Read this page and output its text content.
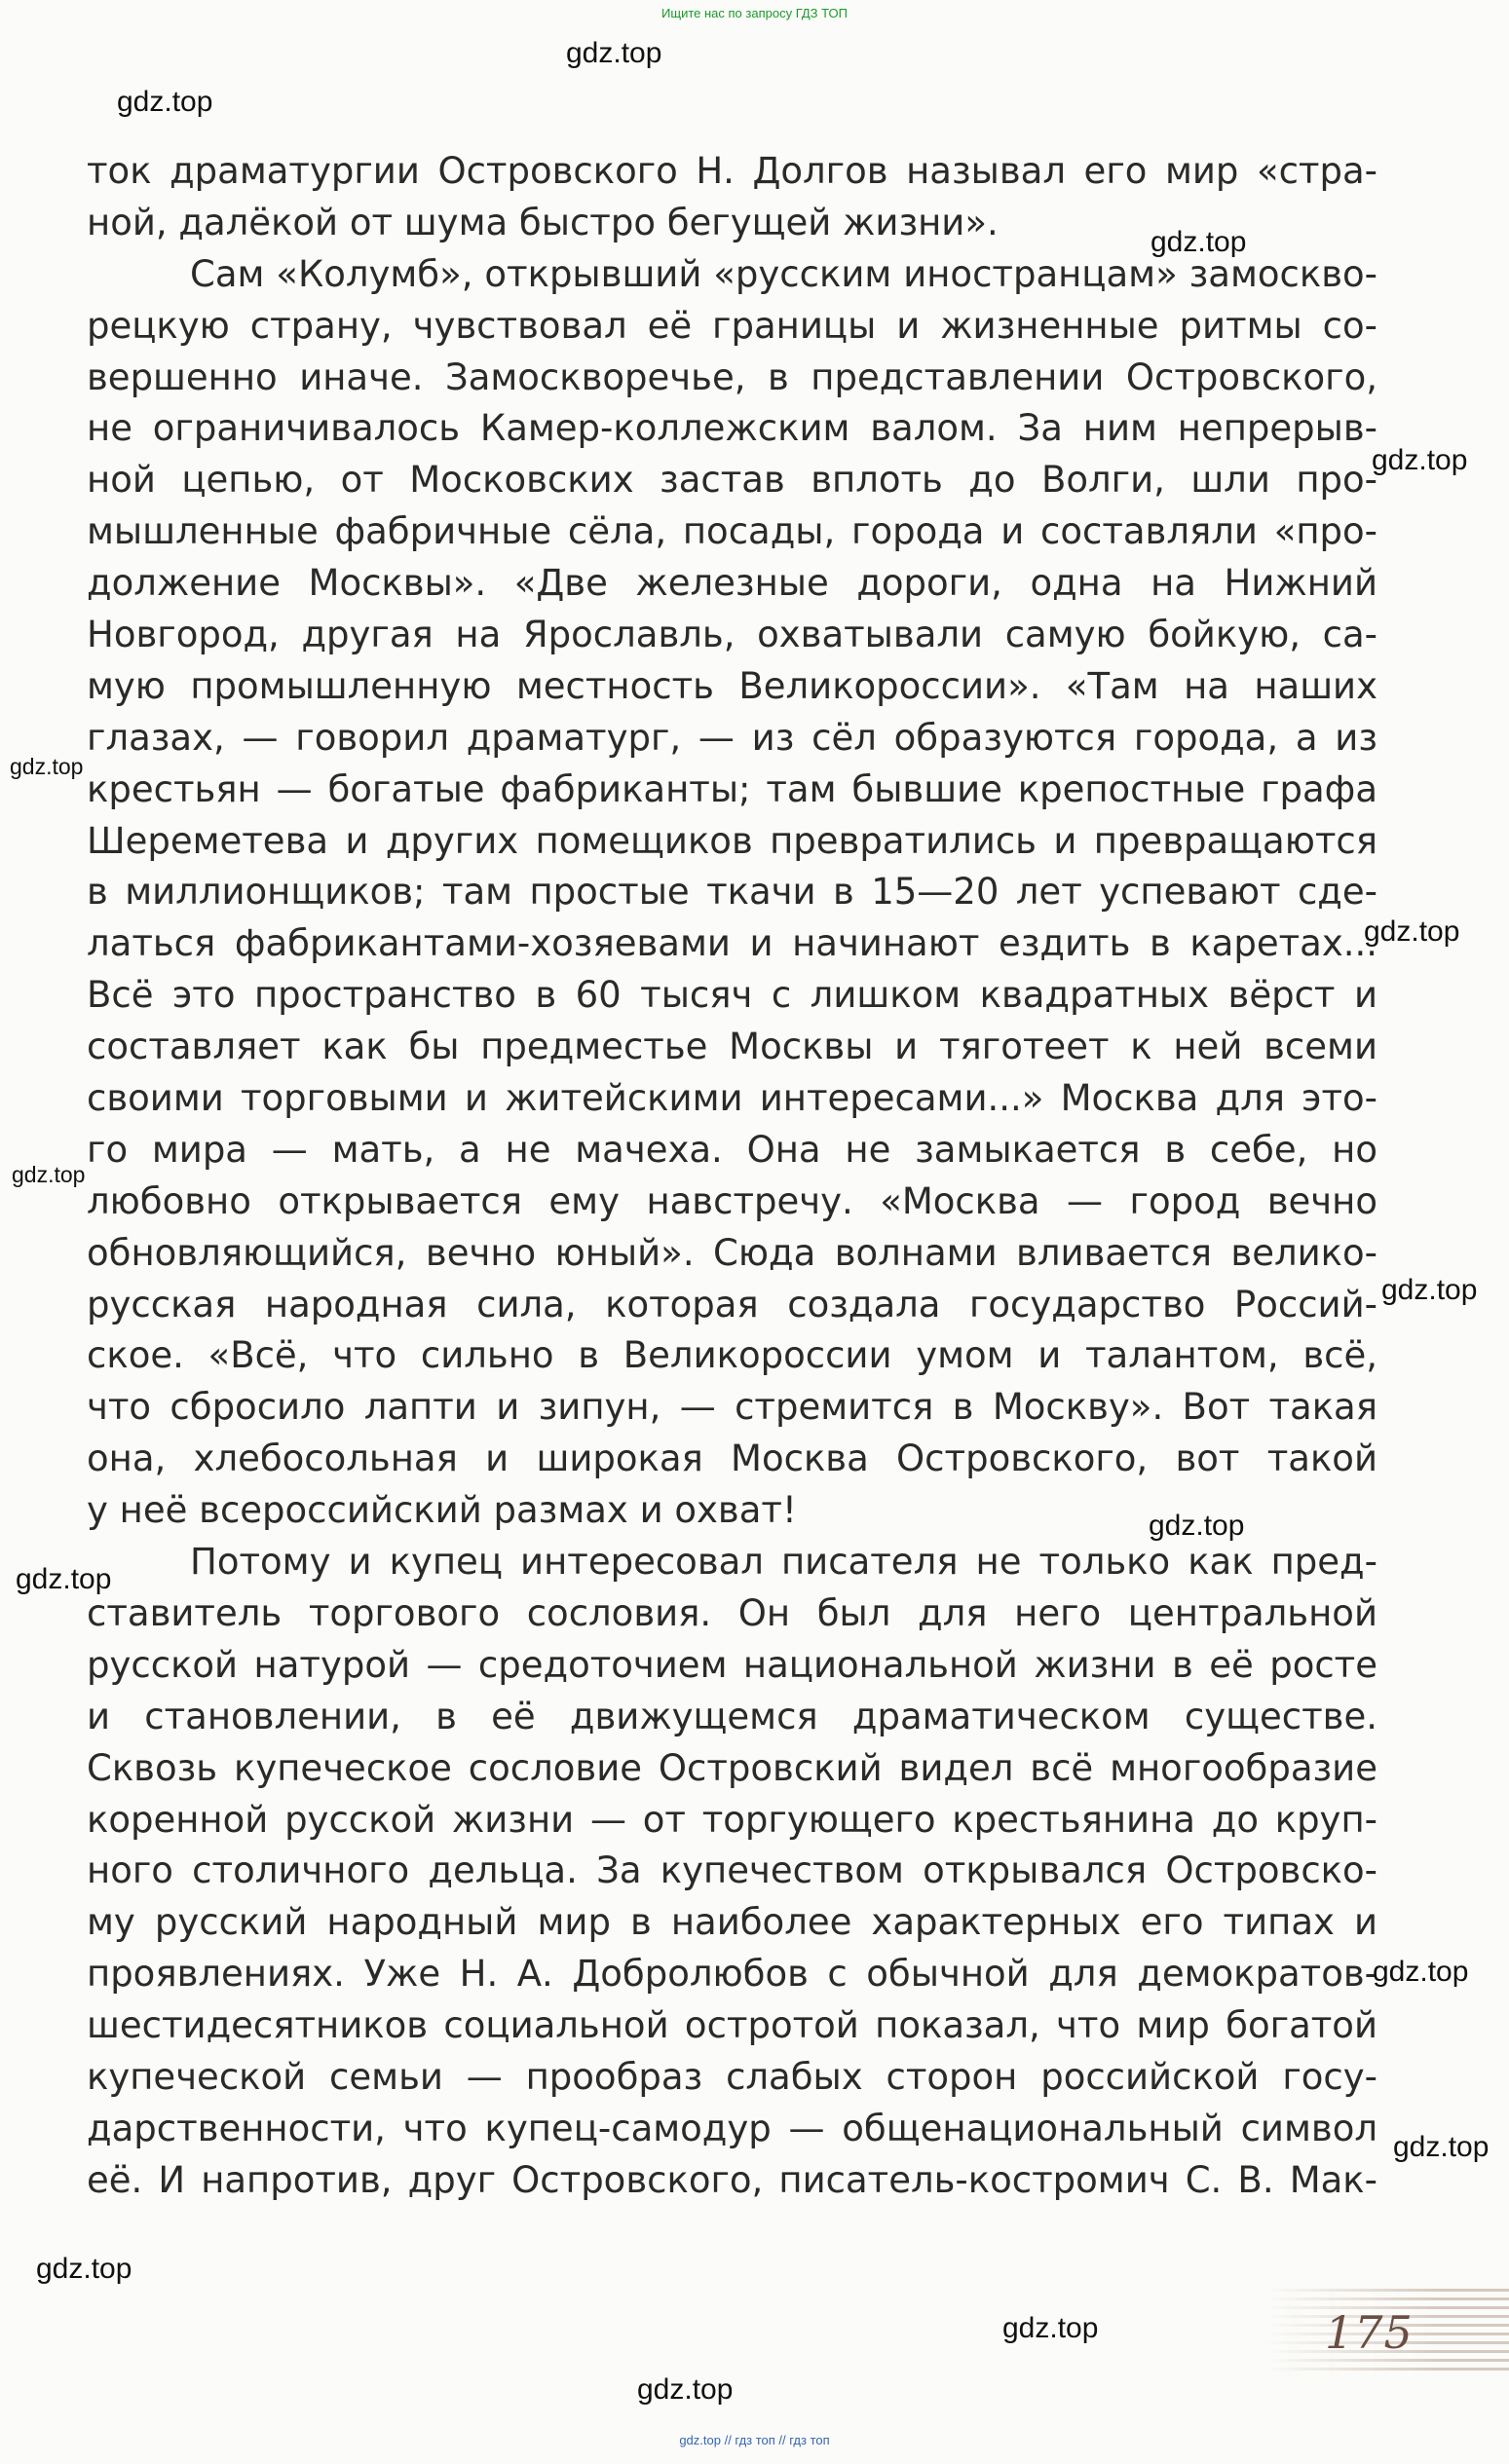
Ищите нас по запросу ГДЗ ТОП
ток драматургии Островского Н. Долгов называл его мир «стра-
ной, далёкой от шума быстро бегущей жизни».
Сам «Колумб», открывший «русским иностранцам» замоскво-
рецкую страну, чувствовал её границы и жизненные ритмы со-
вершенно иначе. Замоскворечье, в представлении Островского,
не ограничивалось Камер-коллежским валом. За ним непрерыв-
ной цепью, от Московских застав вплоть до Волги, шли про-
мышленные фабричные сёла, посады, города и составляли «про-
должение Москвы». «Две железные дороги, одна на Нижний
Новгород, другая на Ярославль, охватывали самую бойкую, са-
мую промышленную местность Великороссии». «Там на наших
глазах, — говорил драматург, — из сёл образуются города, а из
крестьян — богатые фабриканты; там бывшие крепостные графа
Шереметева и других помещиков превратились и превращаются
в миллионщиков; там простые ткачи в 15—20 лет успевают сде-
латься фабрикантами-хозяевами и начинают ездить в каретах...
Всё это пространство в 60 тысяч с лишком квадратных вёрст и
составляет как бы предместье Москвы и тяготеет к ней всеми
своими торговыми и житейскими интересами...» Москва для это-
го мира — мать, а не мачеха. Она не замыкается в себе, но
любовно открывается ему навстречу. «Москва — город вечно
обновляющийся, вечно юный». Сюда волнами вливается велико-
русская народная сила, которая создала государство Россий-
ское. «Всё, что сильно в Великороссии умом и талантом, всё,
что сбросило лапти и зипун, — стремится в Москву». Вот такая
она, хлебосольная и широкая Москва Островского, вот такой
у неё всероссийский размах и охват!
Потому и купец интересовал писателя не только как пред-
ставитель торгового сословия. Он был для него центральной
русской натурой — средоточием национальной жизни в её росте
и становлении, в её движущемся драматическом существе.
Сквозь купеческое сословие Островский видел всё многообразие
коренной русской жизни — от торгующего крестьянина до круп-
ного столичного дельца. За купечеством открывался Островско-
му русский народный мир в наиболее характерных его типах и
проявлениях. Уже Н. А. Добролюбов с обычной для демократов-
шестидесятников социальной остротой показал, что мир богатой
купеческой семьи — прообраз слабых сторон российской госу-
дарственности, что купец-самодур — общенациональный символ
её. И напротив, друг Островского, писатель-костромич С. В. Мак-
gdz.top
gdz.top
gdz.top
gdz.top
gdz.top
gdz.top
gdz.top
gdz.top
gdz.top
gdz.top
gdz.top
gdz.top
gdz.top
gdz.top
gdz.top
175
gdz.top // гдз топ // гдз топ
